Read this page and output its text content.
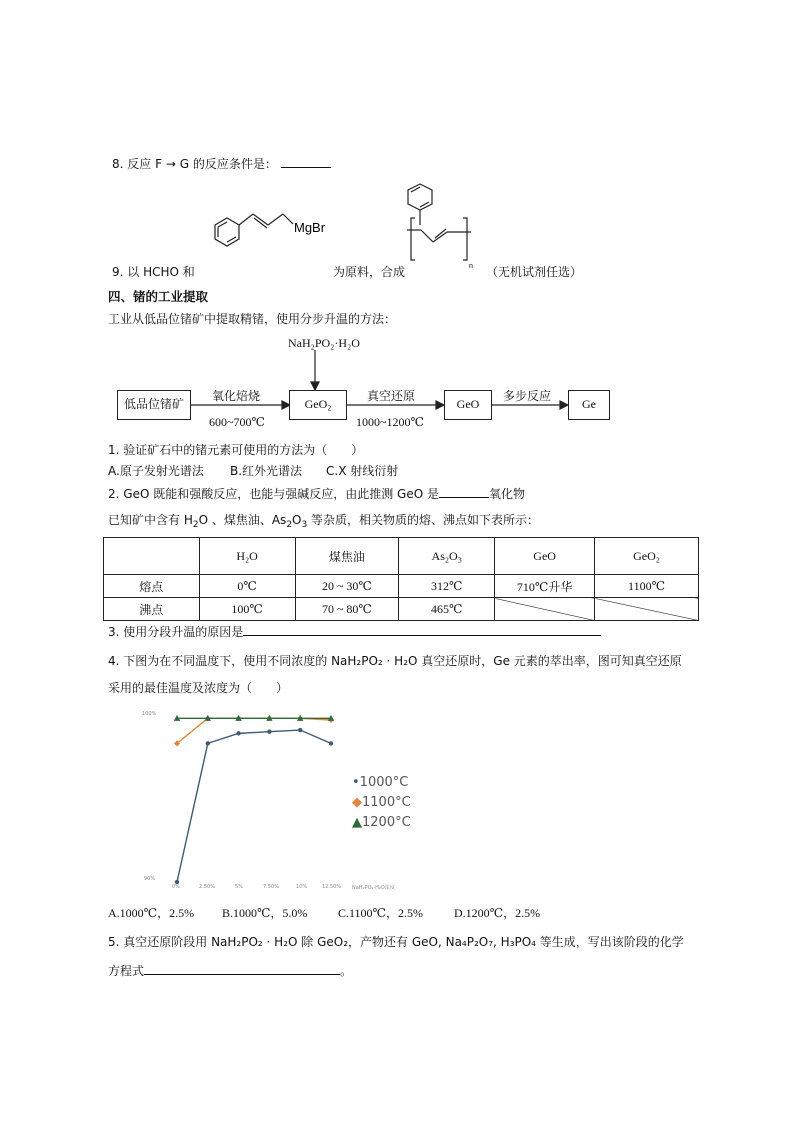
8. 反应 F → G 的反应条件是：
MgBr
n
9. 以 HCHO 和	为原料，合成	（无机试剂任选）
四、锗的工业提取
工业从低品位锗矿中提取精锗，使用分步升温的方法：
NaH₂PO₂·H₂O
低品位锗矿	GeO₂	GeO	Ge
氧化焙烧
600~700℃
真空还原
1000~1200℃
多步反应
1. 验证矿石中的锗元素可使用的方法为（　　）
A.原子发射光谱法 B.红外光谱法 C.X 射线衍射
2. GeO 既能和强酸反应，也能与强碱反应，由此推测 GeO 是	氧化物
已知矿中含有 $H_2O$ 、煤焦油、$As_2O_3$ 等杂质，相关物质的熔、沸点如下表所示：
	H₂O	煤焦油	As₂O₃	GeO	GeO₂
熔点	0℃	20 ~ 30℃	312℃	710℃升华	1100℃
沸点	100℃	70 ~ 80℃	465℃		
3. 使用分段升温的原因是
4. 下图为在不同温度下，使用不同浓度的 NaH₂PO₂ · H₂O 真空还原时，Ge 元素的萃出率，图可知真空还原
采用的最佳温度及浓度为（　　）
100%
90%
0%	2.50%	5%	7.50%	10%	12.50% NaH₂PO₂·H₂O浓度
•1000°C
◆1100°C
▲1200°C
A.1000℃，2.5% B.1000℃，5.0%	C.1100℃，2.5%	D.1200℃，2.5%
5. 真空还原阶段用 NaH₂PO₂ · H₂O 除 GeO₂，产物还有 GeO, Na₄P₂O₇, H₃PO₄ 等生成，写出该阶段的化学
方程式	。
